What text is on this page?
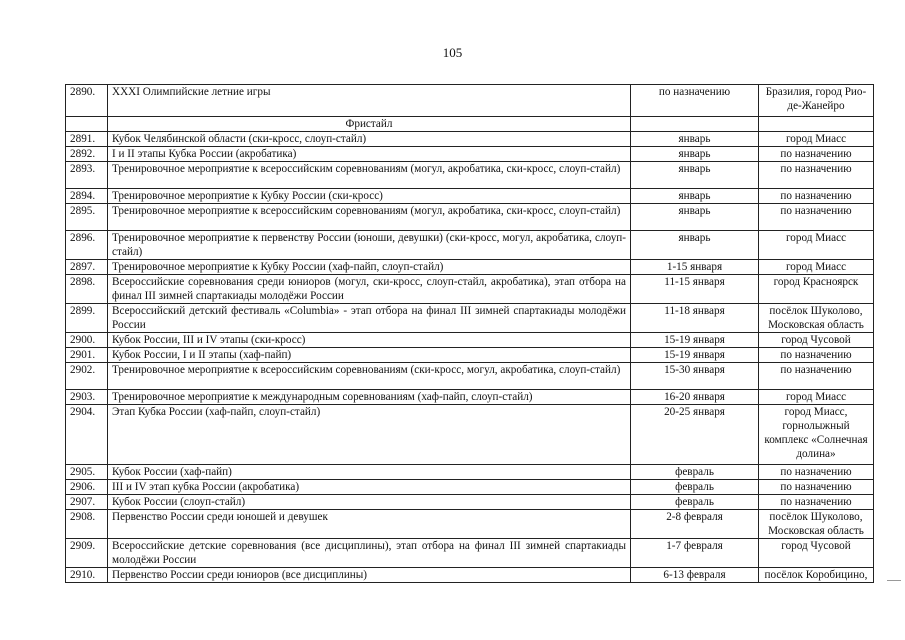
105
2890.	XXXI Олимпийские летние игры	по назначению	Бразилия, город Рио-де-Жанейро
	Фристайл		
2891.	Кубок Челябинской области (ски-кросс, слоуп-стайл)	январь	город Миасс
2892.	I и II этапы Кубка России (акробатика)	январь	по назначению
2893.	Тренировочное мероприятие к всероссийским соревнованиям (могул, акробатика, ски-кросс, слоуп-стайл)	январь	по назначению
2894.	Тренировочное мероприятие к Кубку России (ски-кросс)	январь	по назначению
2895.	Тренировочное мероприятие к всероссийским соревнованиям (могул, акробатика, ски-кросс, слоуп-стайл)	январь	по назначению
2896.	Тренировочное мероприятие к первенству России (юноши, девушки) (ски-кросс, могул, акробатика, слоуп-стайл)	январь	город Миасс
2897.	Тренировочное мероприятие к Кубку России (хаф-пайп, слоуп-стайл)	1-15 января	город Миасс
2898.	Всероссийские соревнования среди юниоров (могул, ски-кросс, слоуп-стайл, акробатика), этап отбора на финал III зимней спартакиады молодёжи России	11-15 января	город Красноярск
2899.	Всероссийский детский фестиваль «Columbia» - этап отбора на финал III зимней спартакиады молодёжи России	11-18 января	посёлок Шуколово, Московская область
2900.	Кубок России, III и IV этапы (ски-кросс)	15-19 января	город Чусовой
2901.	Кубок России, I и II этапы (хаф-пайп)	15-19 января	по назначению
2902.	Тренировочное мероприятие к всероссийским соревнованиям (ски-кросс, могул, акробатика, слоуп-стайл)	15-30 января	по назначению
2903.	Тренировочное мероприятие к международным соревнованиям (хаф-пайп, слоуп-стайл)	16-20 января	город Миасс
2904.	Этап Кубка России (хаф-пайп, слоуп-стайл)	20-25 января	город Миасс, горнолыжный комплекс «Солнечная долина»
2905.	Кубок России (хаф-пайп)	февраль	по назначению
2906.	III и IV этап кубка России (акробатика)	февраль	по назначению
2907.	Кубок России (слоуп-стайл)	февраль	по назначению
2908.	Первенство России среди юношей и девушек	2-8 февраля	посёлок Шуколово, Московская область
2909.	Всероссийские детские соревнования (все дисциплины), этап отбора на финал III зимней спартакиады молодёжи России	1-7 февраля	город Чусовой
2910.	Первенство России среди юниоров (все дисциплины)	6-13 февраля	посёлок Коробицино,
